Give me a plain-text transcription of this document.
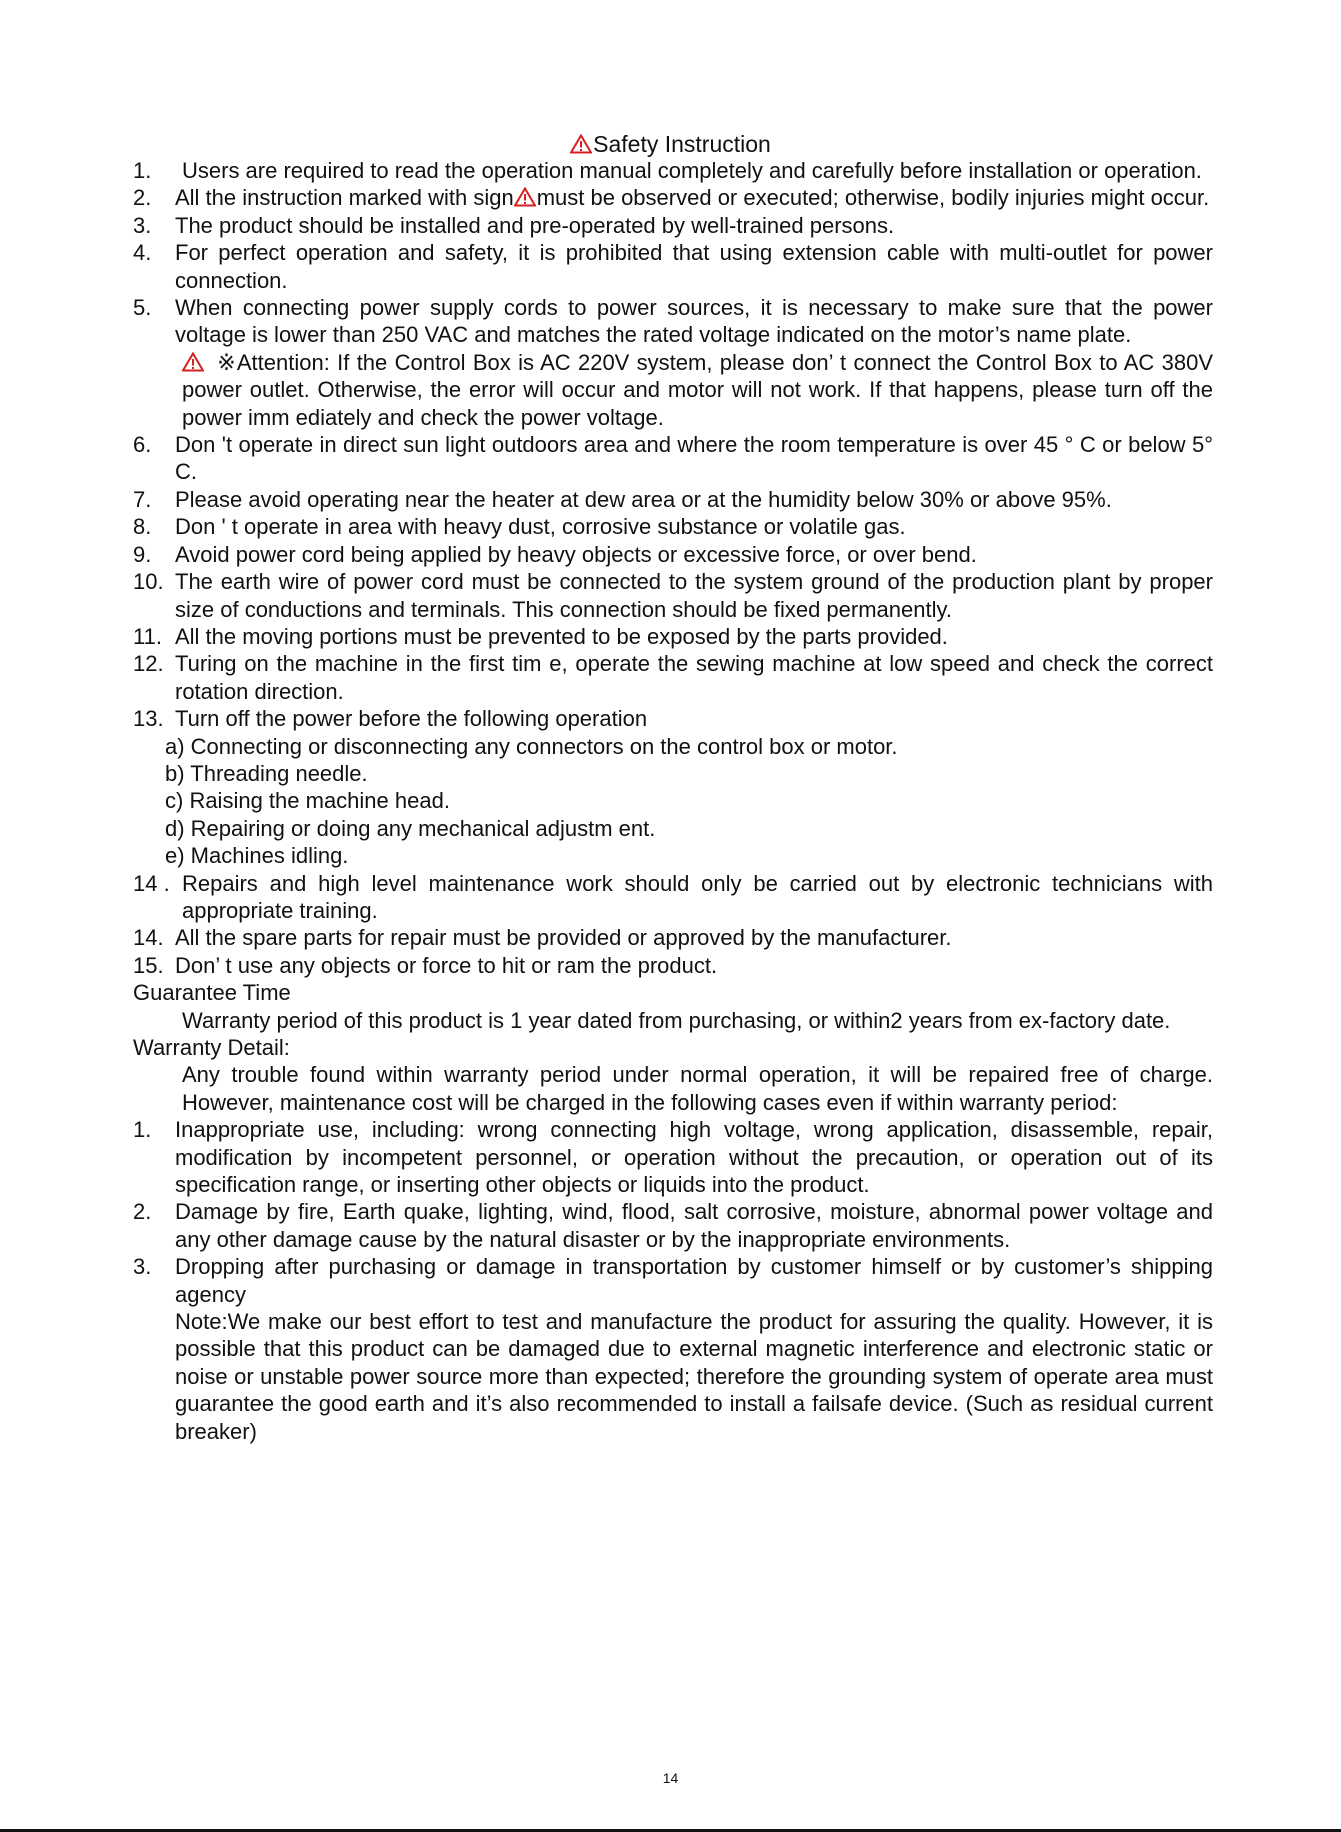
Safety Instruction
1.	Users are required to read the operation manual completely and carefully before installation or operation.
2.	All the instruction marked with sign must be observed or executed; otherwise, bodily injuries might occur.
3.	The product should be installed and pre-operated by well-trained persons.
4.	For perfect operation and safety, it is prohibited that using extension cable with multi-outlet for power connection.
5.	When connecting power supply cords to power sources, it is necessary to make sure that the power voltage is lower than 250 VAC and matches the rated voltage indicated on the motor’s name plate.
※Attention: If the Control Box is AC 220V system, please don’ t connect the Control Box to AC 380V power outlet. Otherwise, the error will occur and motor will not work. If that happens, please turn off the power imm ediately and check the power voltage.
6.	Don 't operate in direct sun light outdoors area and where the room temperature is over 45 ° C or below 5° C.
7.	Please avoid operating near the heater at dew area or at the humidity below 30% or above 95%.
8.	Don ' t operate in area with heavy dust, corrosive substance or volatile gas.
9.	Avoid power cord being applied by heavy objects or excessive force, or over bend.
10. The earth wire of power cord must be connected to the system ground of the production plant by proper size of conductions and terminals. This connection should be fixed permanently.
11. All the moving portions must be prevented to be exposed by the parts provided.
12. Turing on the machine in the first tim e, operate the sewing machine at low speed and check the correct rotation direction.
13. Turn off the power before the following operation
a) Connecting or disconnecting any connectors on the control box or motor.
b) Threading needle.
c) Raising the machine head.
d) Repairing or doing any mechanical adjustm ent.
e) Machines idling.
14 . Repairs and high level maintenance work should only be carried out by electronic technicians with appropriate training.
14. All the spare parts for repair must be provided or approved by the manufacturer.
15. Don’ t use any objects or force to hit or ram the product.
Guarantee Time
Warranty period of this product is 1 year dated from purchasing, or within2 years from ex-factory date.
Warranty Detail:
Any trouble found within warranty period under normal operation, it will be repaired free of charge. However, maintenance cost will be charged in the following cases even if within warranty period:
1.	Inappropriate use, including: wrong connecting high voltage, wrong application, disassemble, repair, modification by incompetent personnel, or operation without the precaution, or operation out of its specification range, or inserting other objects or liquids into the product.
2.	Damage by fire, Earth quake, lighting, wind, flood, salt corrosive, moisture, abnormal power voltage and any other damage cause by the natural disaster or by the inappropriate environments.
3.	Dropping after purchasing or damage in transportation by customer himself or by customer’s shipping agency
Note:We make our best effort to test and manufacture the product for assuring the quality. However, it is possible that this product can be damaged due to external magnetic interference and electronic static or noise or unstable power source more than expected; therefore the grounding system of operate area must guarantee the good earth and it’s also recommended to install a failsafe device. (Such as residual current breaker)
14
